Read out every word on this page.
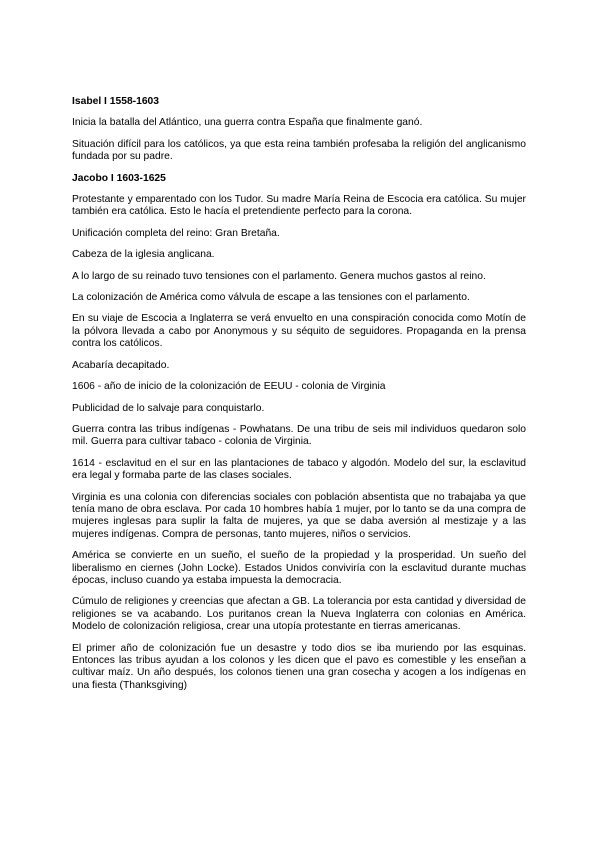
Isabel I 1558-1603
Inicia la batalla del Atlántico, una guerra contra España que finalmente ganó.
Situación difícil para los católicos, ya que esta reina también profesaba la religión del anglicanismo fundada por su padre.
Jacobo I 1603-1625
Protestante y emparentado con los Tudor. Su madre María Reina de Escocia era católica. Su mujer también era católica. Esto le hacía el pretendiente perfecto para la corona.
Unificación completa del reino: Gran Bretaña.
Cabeza de la iglesia anglicana.
A lo largo de su reinado tuvo tensiones con el parlamento. Genera muchos gastos al reino.
La colonización de América como válvula de escape a las tensiones con el parlamento.
En su viaje de Escocia a Inglaterra se verá envuelto en una conspiración conocida como Motín de la pólvora llevada a cabo por Anonymous y su séquito de seguidores. Propaganda en la prensa contra los católicos.
Acabaría decapitado.
1606 - año de inicio de la colonización de EEUU - colonia de Virginia
Publicidad de lo salvaje para conquistarlo.
Guerra contra las tribus indígenas - Powhatans. De una tribu de seis mil individuos quedaron solo mil. Guerra para cultivar tabaco - colonia de Virginia.
1614 - esclavitud en el sur en las plantaciones de tabaco y algodón. Modelo del sur, la esclavitud era legal y formaba parte de las clases sociales.
Virginia es una colonia con diferencias sociales con población absentista que no trabajaba ya que tenía mano de obra esclava. Por cada 10 hombres había 1 mujer, por lo tanto se da una compra de mujeres inglesas para suplir la falta de mujeres, ya que se daba aversión al mestizaje y a las mujeres indígenas. Compra de personas, tanto mujeres, niños o servicios.
América se convierte en un sueño, el sueño de la propiedad y la prosperidad. Un sueño del liberalismo en ciernes (John Locke). Estados Unidos conviviría con la esclavitud durante muchas épocas, incluso cuando ya estaba impuesta la democracia.
Cúmulo de religiones y creencias que afectan a GB. La tolerancia por esta cantidad y diversidad de religiones se va acabando. Los puritanos crean la Nueva Inglaterra con colonias en América. Modelo de colonización religiosa, crear una utopía protestante en tierras americanas.
El primer año de colonización fue un desastre y todo dios se iba muriendo por las esquinas. Entonces las tribus ayudan a los colonos y les dicen que el pavo es comestible y les enseñan a cultivar maíz. Un año después, los colonos tienen una gran cosecha y acogen a los indígenas en una fiesta (Thanksgiving)
